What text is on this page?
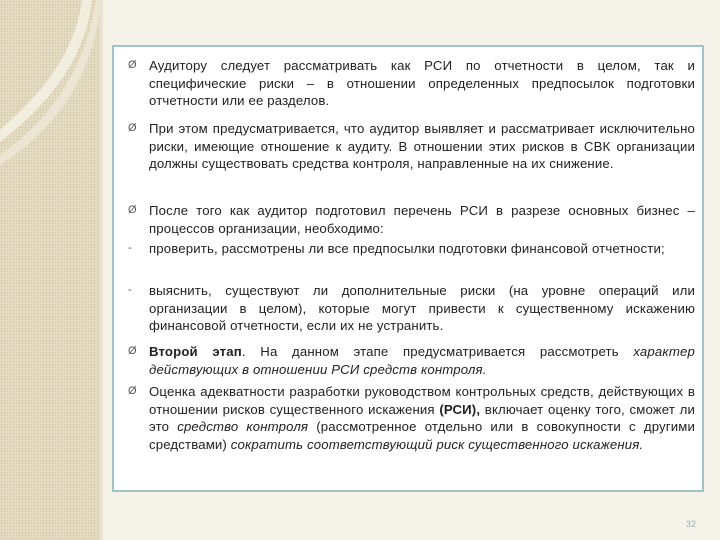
Ø Аудитору следует рассматривать как РСИ по отчетности в целом, так и специфические риски – в отношении определенных предпосылок подготовки отчетности или ее разделов.
Ø При этом предусматривается, что аудитор выявляет и рассматривает исключительно риски, имеющие отношение к аудиту. В отношении этих рисков в СВК организации должны существовать средства контроля, направленные на их снижение.
Ø После того как аудитор подготовил перечень РСИ в разрезе основных бизнес – процессов организации, необходимо:
- проверить, рассмотрены ли все предпосылки подготовки финансовой отчетности;
- выяснить, существуют ли дополнительные риски (на уровне операций или организации в целом), которые могут привести к существенному искажению финансовой отчетности, если их не устранить.
Ø Второй этап. На данном этапе предусматривается рассмотреть характер действующих в отношении РСИ средств контроля.
Ø Оценка адекватности разработки руководством контрольных средств, действующих в отношении рисков существенного искажения (РСИ), включает оценку того, сможет ли это средство контроля (рассмотренное отдельно или в совокупности с другими средствами) сократить соответствующий риск существенного искажения.
32
